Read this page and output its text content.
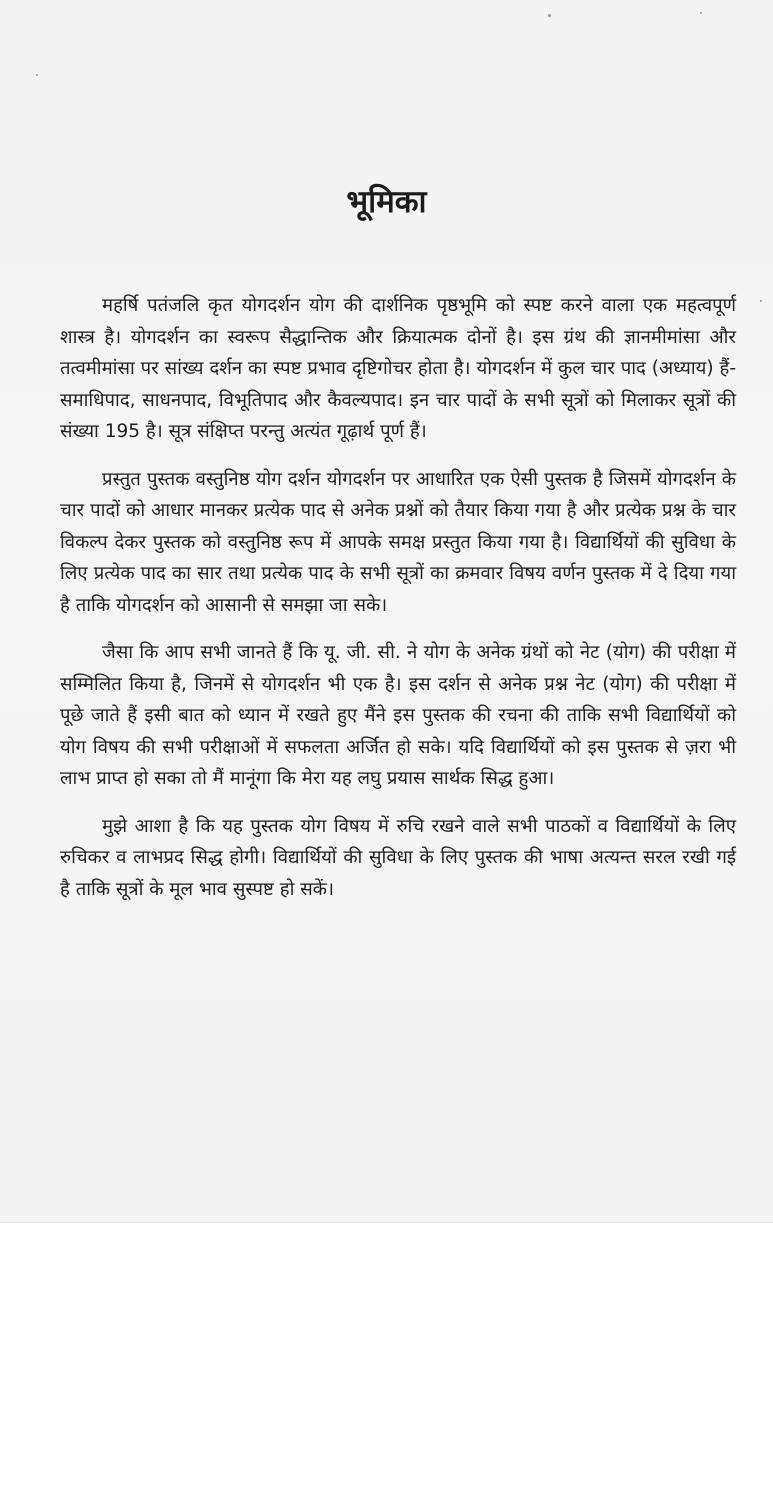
भूमिका

महर्षि पतंजलि कृत योगदर्शन योग की दार्शनिक पृष्ठभूमि को स्पष्ट करने वाला एक महत्वपूर्ण शास्त्र है। योगदर्शन का स्वरूप सैद्धान्तिक और क्रियात्मक दोनों है। इस ग्रंथ की ज्ञानमीमांसा और तत्वमीमांसा पर सांख्य दर्शन का स्पष्ट प्रभाव दृष्टिगोचर होता है। योगदर्शन में कुल चार पाद (अध्याय) हैं- समाधिपाद, साधनपाद, विभूतिपाद और कैवल्यपाद। इन चार पादों के सभी सूत्रों को मिलाकर सूत्रों की संख्या 195 है। सूत्र संक्षिप्त परन्तु अत्यंत गूढ़ार्थ पूर्ण हैं।

प्रस्तुत पुस्तक वस्तुनिष्ठ योग दर्शन योगदर्शन पर आधारित एक ऐसी पुस्तक है जिसमें योगदर्शन के चार पादों को आधार मानकर प्रत्येक पाद से अनेक प्रश्नों को तैयार किया गया है और प्रत्येक प्रश्न के चार विकल्प देकर पुस्तक को वस्तुनिष्ठ रूप में आपके समक्ष प्रस्तुत किया गया है। विद्यार्थियों की सुविधा के लिए प्रत्येक पाद का सार तथा प्रत्येक पाद के सभी सूत्रों का क्रमवार विषय वर्णन पुस्तक में दे दिया गया है ताकि योगदर्शन को आसानी से समझा जा सके।

जैसा कि आप सभी जानते हैं कि यू. जी. सी. ने योग के अनेक ग्रंथों को नेट (योग) की परीक्षा में सम्मिलित किया है, जिनमें से योगदर्शन भी एक है। इस दर्शन से अनेक प्रश्न नेट (योग) की परीक्षा में पूछे जाते हैं इसी बात को ध्यान में रखते हुए मैंने इस पुस्तक की रचना की ताकि सभी विद्यार्थियों को योग विषय की सभी परीक्षाओं में सफलता अर्जित हो सके। यदि विद्यार्थियों को इस पुस्तक से ज़रा भी लाभ प्राप्त हो सका तो मैं मानूंगा कि मेरा यह लघु प्रयास सार्थक सिद्ध हुआ।

मुझे आशा है कि यह पुस्तक योग विषय में रुचि रखने वाले सभी पाठकों व विद्यार्थियों के लिए रुचिकर व लाभप्रद सिद्ध होगी। विद्यार्थियों की सुविधा के लिए पुस्तक की भाषा अत्यन्त सरल रखी गई है ताकि सूत्रों के मूल भाव सुस्पष्ट हो सकें।
